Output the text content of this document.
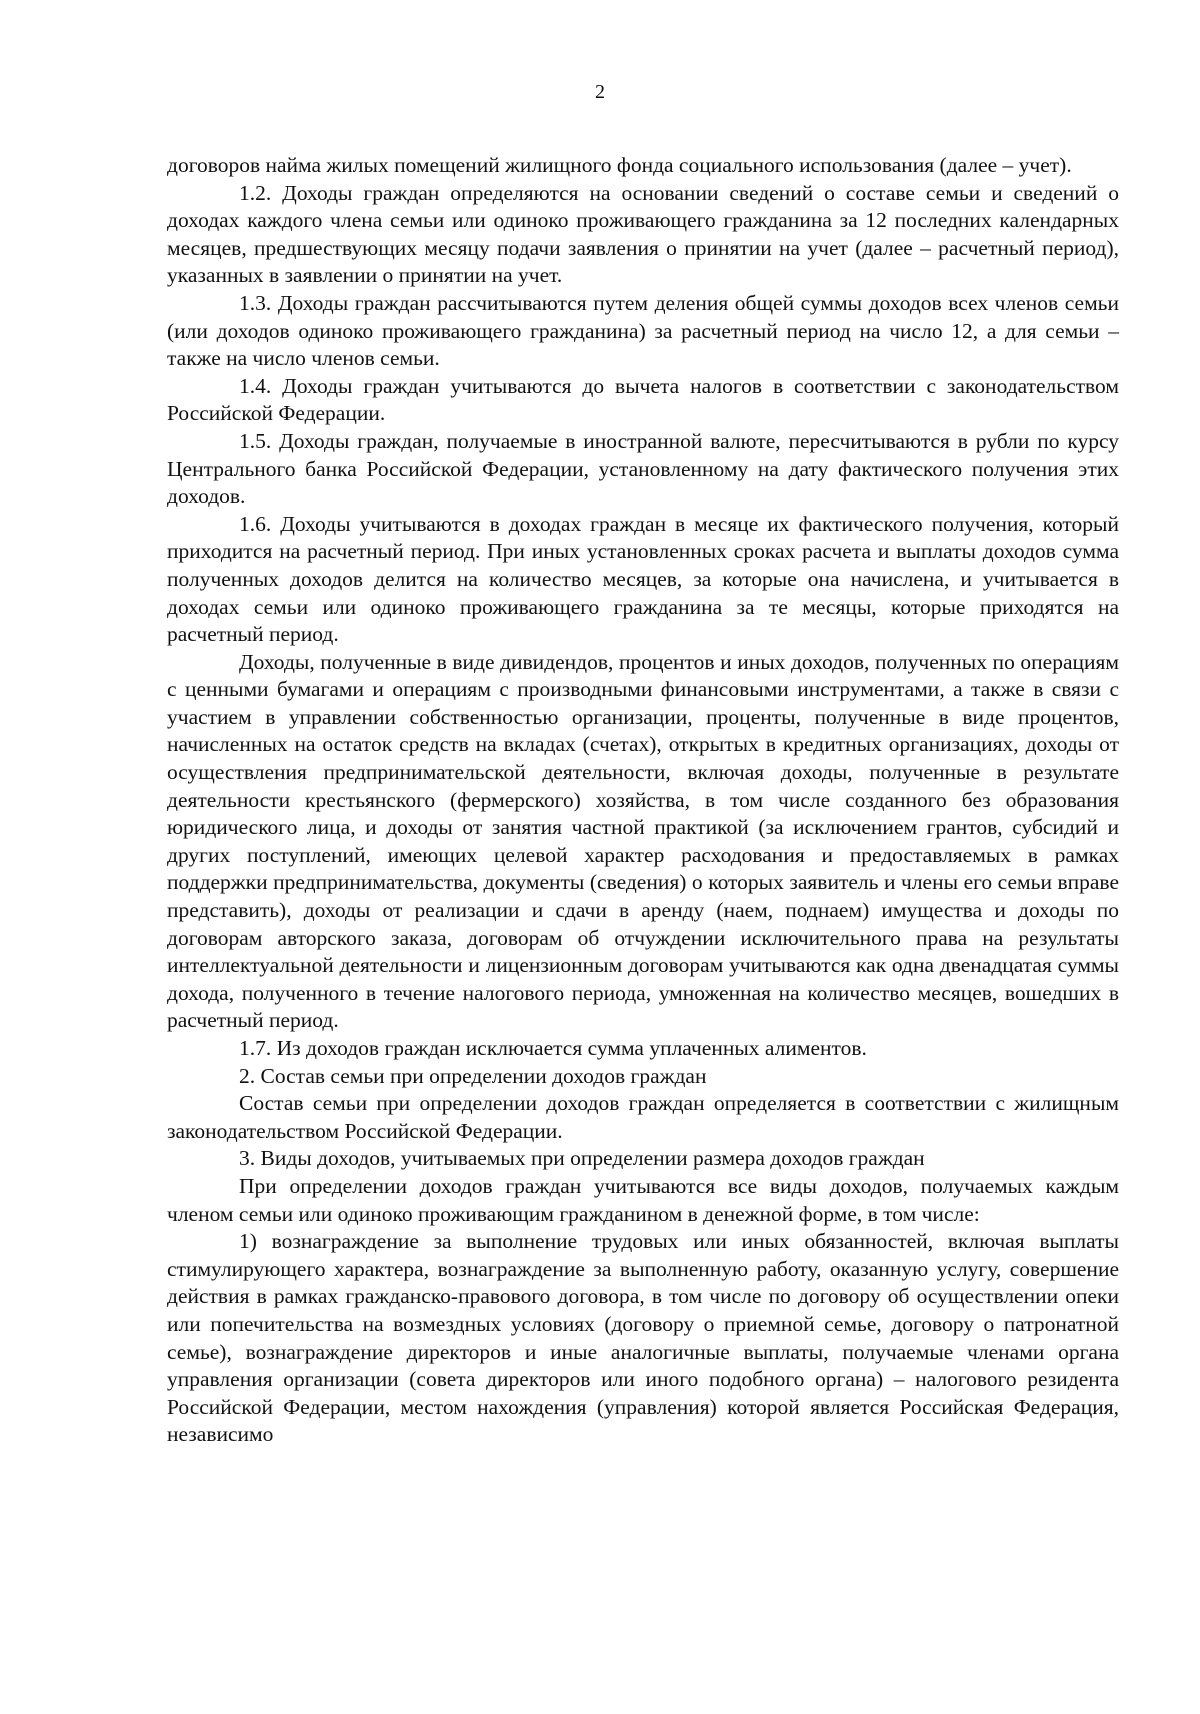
2

договоров найма жилых помещений жилищного фонда социального использования (далее – учет).

1.2. Доходы граждан определяются на основании сведений о составе семьи и сведений о доходах каждого члена семьи или одиноко проживающего гражданина за 12 последних календарных месяцев, предшествующих месяцу подачи заявления о принятии на учет (далее – расчетный период), указанных в заявлении о принятии на учет.

1.3. Доходы граждан рассчитываются путем деления общей суммы доходов всех членов семьи (или доходов одиноко проживающего гражданина) за расчетный период на число 12, а для семьи – также на число членов семьи.

1.4. Доходы граждан учитываются до вычета налогов в соответствии с законодательством Российской Федерации.

1.5. Доходы граждан, получаемые в иностранной валюте, пересчитываются в рубли по курсу Центрального банка Российской Федерации, установленному на дату фактического получения этих доходов.

1.6. Доходы учитываются в доходах граждан в месяце их фактического получения, который приходится на расчетный период. При иных установленных сроках расчета и выплаты доходов сумма полученных доходов делится на количество месяцев, за которые она начислена, и учитывается в доходах семьи или одиноко проживающего гражданина за те месяцы, которые приходятся на расчетный период.

Доходы, полученные в виде дивидендов, процентов и иных доходов, полученных по операциям с ценными бумагами и операциям с производными финансовыми инструментами, а также в связи с участием в управлении собственностью организации, проценты, полученные в виде процентов, начисленных на остаток средств на вкладах (счетах), открытых в кредитных организациях, доходы от осуществления предпринимательской деятельности, включая доходы, полученные в результате деятельности крестьянского (фермерского) хозяйства, в том числе созданного без образования юридического лица, и доходы от занятия частной практикой (за исключением грантов, субсидий и других поступлений, имеющих целевой характер расходования и предоставляемых в рамках поддержки предпринимательства, документы (сведения) о которых заявитель и члены его семьи вправе представить), доходы от реализации и сдачи в аренду (наем, поднаем) имущества и доходы по договорам авторского заказа, договорам об отчуждении исключительного права на результаты интеллектуальной деятельности и лицензионным договорам учитываются как одна двенадцатая суммы дохода, полученного в течение налогового периода, умноженная на количество месяцев, вошедших в расчетный период.

1.7. Из доходов граждан исключается сумма уплаченных алиментов.

2. Состав семьи при определении доходов граждан

Состав семьи при определении доходов граждан определяется в соответствии с жилищным законодательством Российской Федерации.

3. Виды доходов, учитываемых при определении размера доходов граждан

При определении доходов граждан учитываются все виды доходов, получаемых каждым членом семьи или одиноко проживающим гражданином в денежной форме, в том числе:

1) вознаграждение за выполнение трудовых или иных обязанностей, включая выплаты стимулирующего характера, вознаграждение за выполненную работу, оказанную услугу, совершение действия в рамках гражданско-правового договора, в том числе по договору об осуществлении опеки или попечительства на возмездных условиях (договору о приемной семье, договору о патронатной семье), вознаграждение директоров и иные аналогичные выплаты, получаемые членами органа управления организации (совета директоров или иного подобного органа) – налогового резидента Российской Федерации, местом нахождения (управления) которой является Российская Федерация, независимо
